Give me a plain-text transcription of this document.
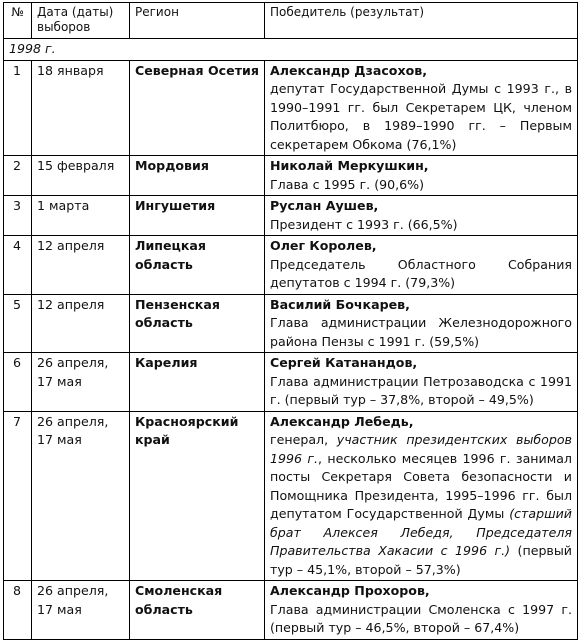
№	Дата (даты) выборов	Регион	Победитель (результат)
1998 г.			
1	18 января	Северная Осетия	Александр Дзасохов,
депутат Государственной Думы с 1993 г., в 1990–1991 гг. был Секретарем ЦК, членом Политбюро, в 1989–1990 гг. – Первым секретарем Обкома (76,1%)

2	15 февраля	Мордовия	Николай Меркушкин,
Глава с 1995 г. (90,6%)

3	1 марта	Ингушетия	Руслан Аушев,
Президент с 1993 г. (66,5%)

4	12 апреля	Липецкая область	Олег Королев,
Председатель Областного Собрания депутатов с 1994 г. (79,3%)

5	12 апреля	Пензенская область	Василий Бочкарев,
Глава администрации Железнодорожного района Пензы с 1991 г. (59,5%)

6	26 апреля, 17 мая	Карелия	Сергей Катанандов,
Глава администрации Петрозаводска с 1991 г. (первый тур – 37,8%, второй – 49,5%)

7	26 апреля, 17 мая	Красноярский край	Александр Лебедь,
генерал, участник президентских выборов 1996 г., несколько месяцев 1996 г. занимал посты Секретаря Совета безопасности и Помощника Президента, 1995–1996 гг. был депутатом Государственной Думы (старший брат Алексея Лебедя, Председателя Правительства Хакасии с 1996 г.) (первый тур – 45,1%, второй – 57,3%)

8	26 апреля, 17 мая	Смоленская область	Александр Прохоров,
Глава администрации Смоленска с 1997 г. (первый тур – 46,5%, второй – 67,4%)
